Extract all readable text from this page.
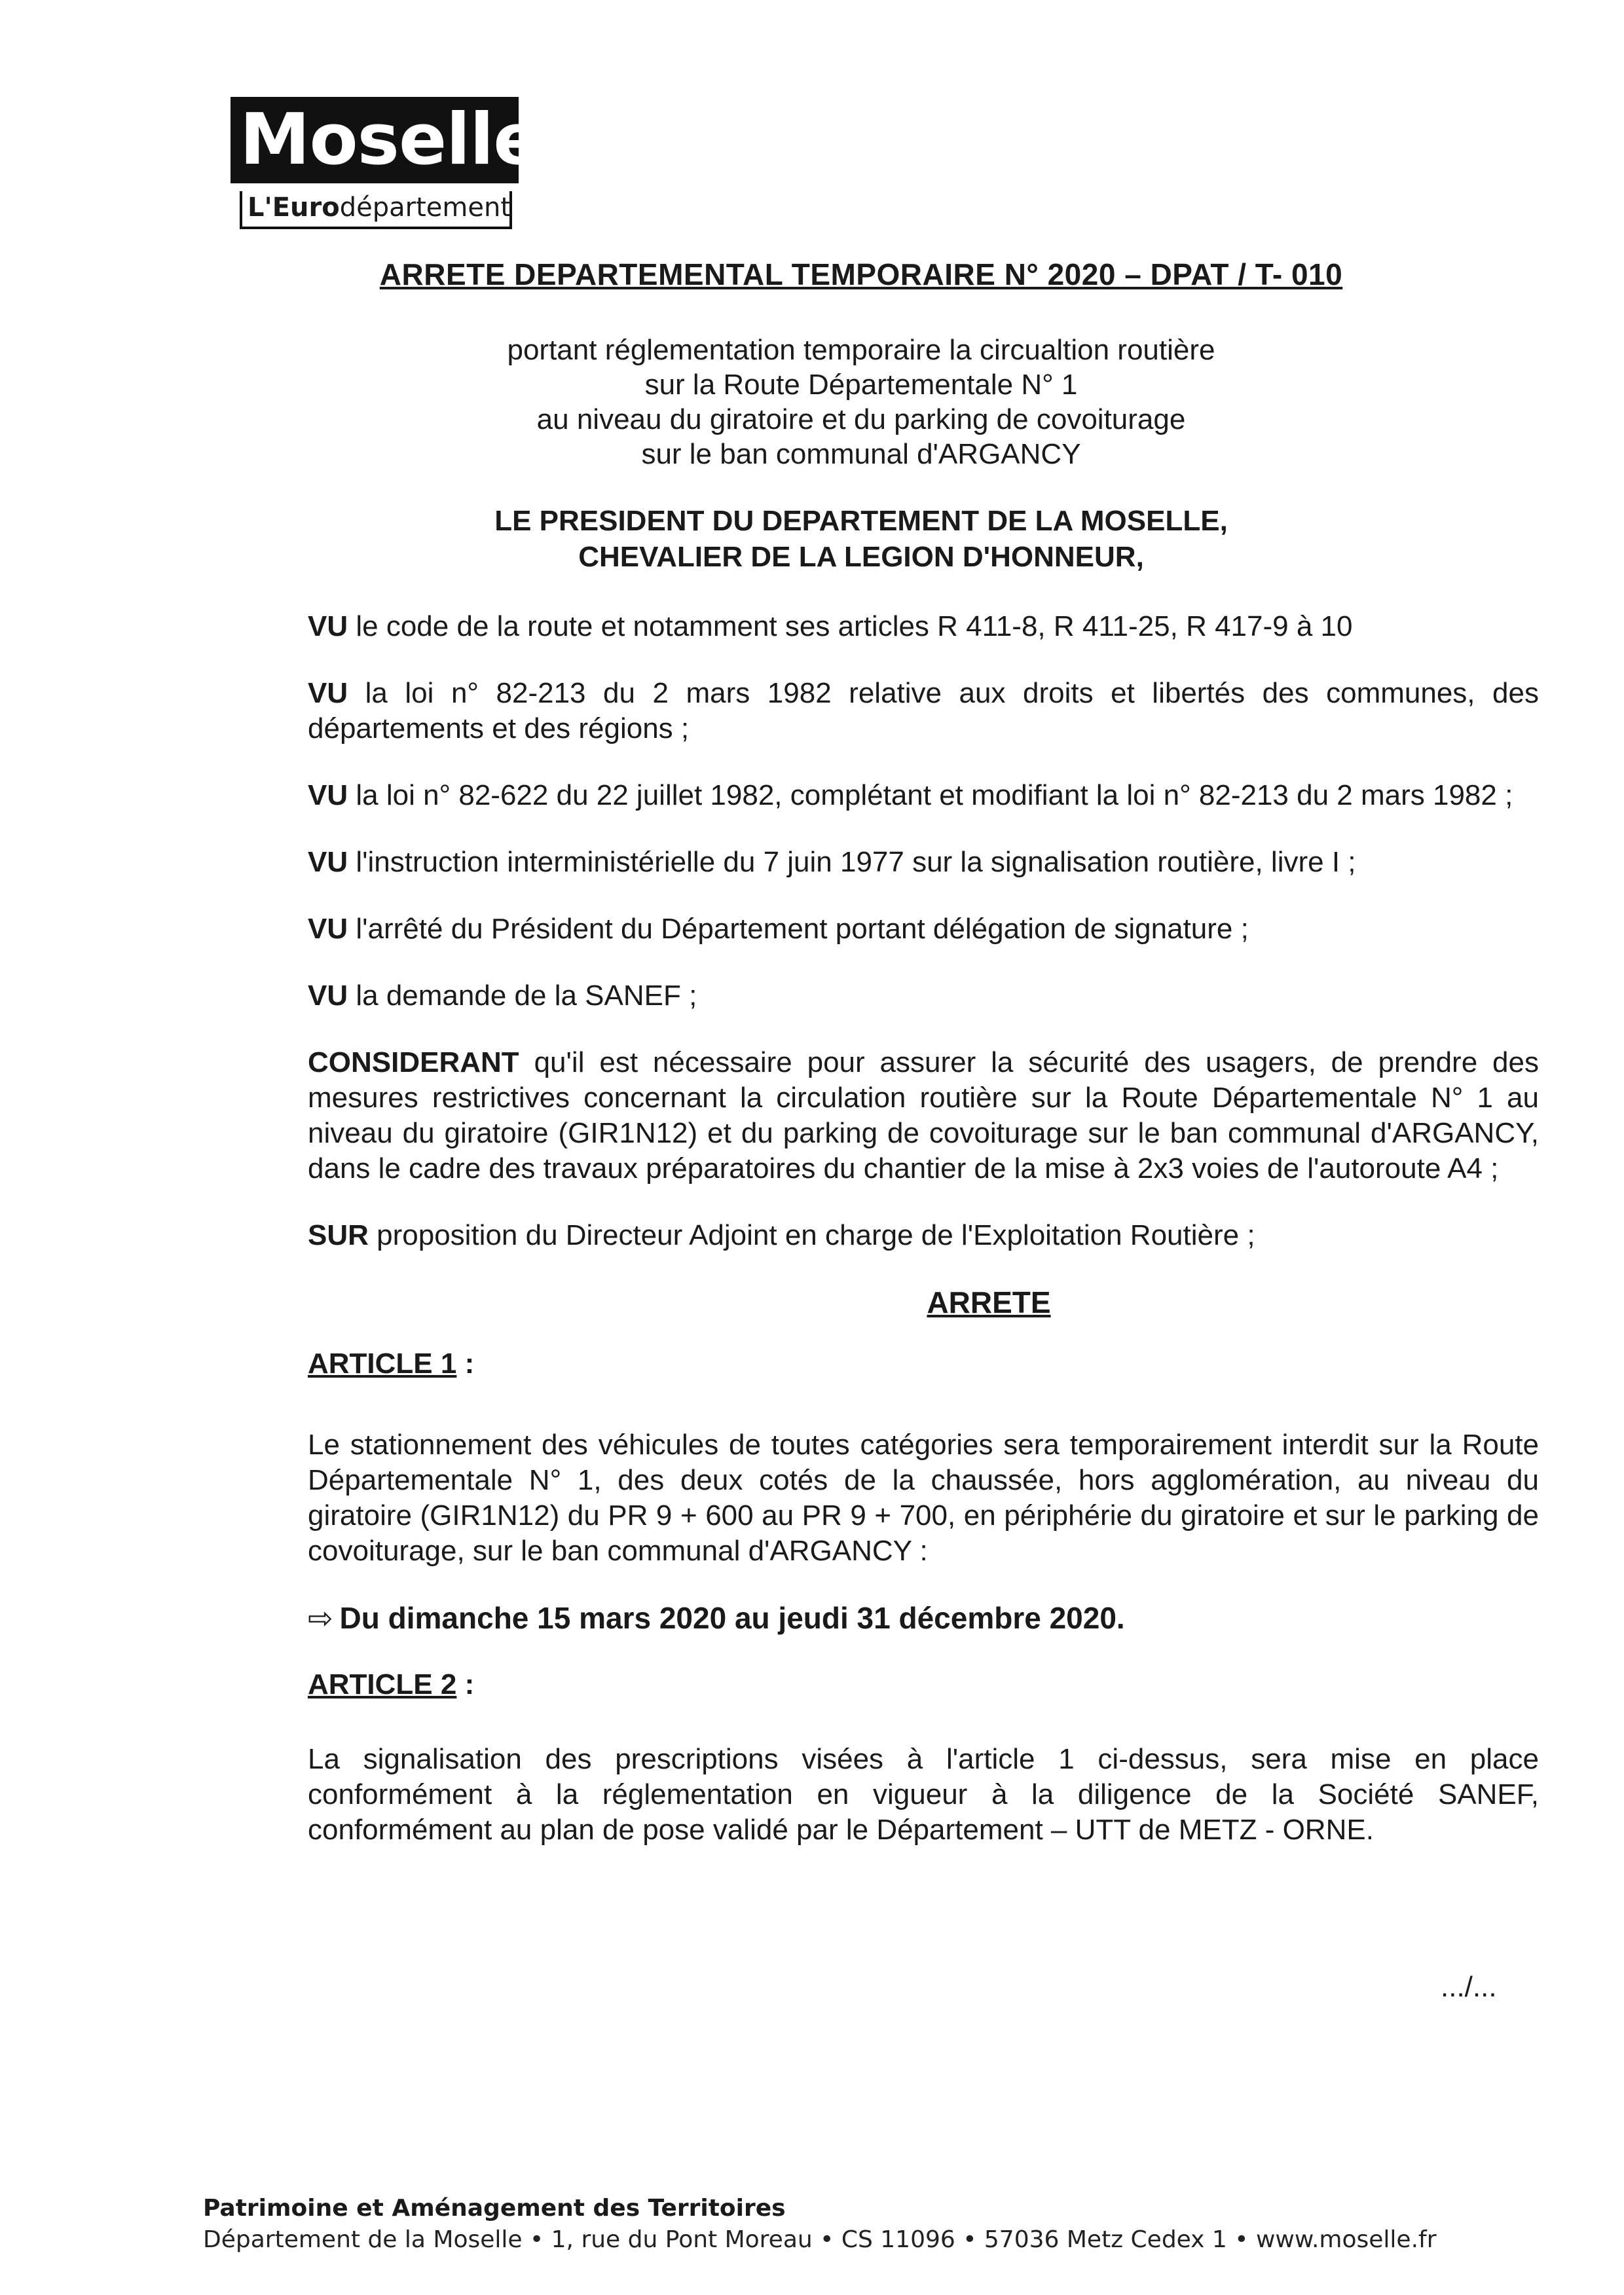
Moselle
L'Eurodépartement
ARRETE DEPARTEMENTAL TEMPORAIRE N° 2020 – DPAT / T- 010
portant réglementation temporaire la circualtion routière
sur la Route Départementale N° 1
au niveau du giratoire et du parking de covoiturage
sur le ban communal d'ARGANCY
LE PRESIDENT DU DEPARTEMENT DE LA MOSELLE,
CHEVALIER DE LA LEGION D'HONNEUR,

VU le code de la route et notamment ses articles R 411-8, R 411-25, R 417-9 à 10

VU la loi n° 82-213 du 2 mars 1982 relative aux droits et libertés des communes, des départements et des régions ;

VU la loi n° 82-622 du 22 juillet 1982, complétant et modifiant la loi n° 82-213 du 2 mars 1982 ;

VU l'instruction interministérielle du 7 juin 1977 sur la signalisation routière, livre I ;

VU l'arrêté du Président du Département portant délégation de signature ;

VU la demande de la SANEF ;

CONSIDERANT qu'il est nécessaire pour assurer la sécurité des usagers, de prendre des mesures restrictives concernant la circulation routière sur la Route Départementale N° 1 au niveau du giratoire (GIR1N12) et du parking de covoiturage sur le ban communal d'ARGANCY, dans le cadre des travaux préparatoires du chantier de la mise à 2x3 voies de l'autoroute A4 ;

SUR proposition du Directeur Adjoint en charge de l'Exploitation Routière ;

ARRETE
ARTICLE 1 :

Le stationnement des véhicules de toutes catégories sera temporairement interdit sur la Route Départementale N° 1, des deux cotés de la chaussée, hors agglomération, au niveau du giratoire (GIR1N12) du PR 9 + 600 au PR 9 + 700, en périphérie du giratoire et sur le parking de covoiturage, sur le ban communal d'ARGANCY :

⇨ Du dimanche 15 mars 2020 au jeudi 31 décembre 2020.
ARTICLE 2 :

La signalisation des prescriptions visées à l'article 1 ci-dessus, sera mise en place conformément à la réglementation en vigueur à la diligence de la Société SANEF, conformément au plan de pose validé par le Département – UTT de METZ - ORNE.

.../...
Patrimoine et Aménagement des Territoires
Département de la Moselle • 1, rue du Pont Moreau • CS 11096 • 57036 Metz Cedex 1 • www.moselle.fr
